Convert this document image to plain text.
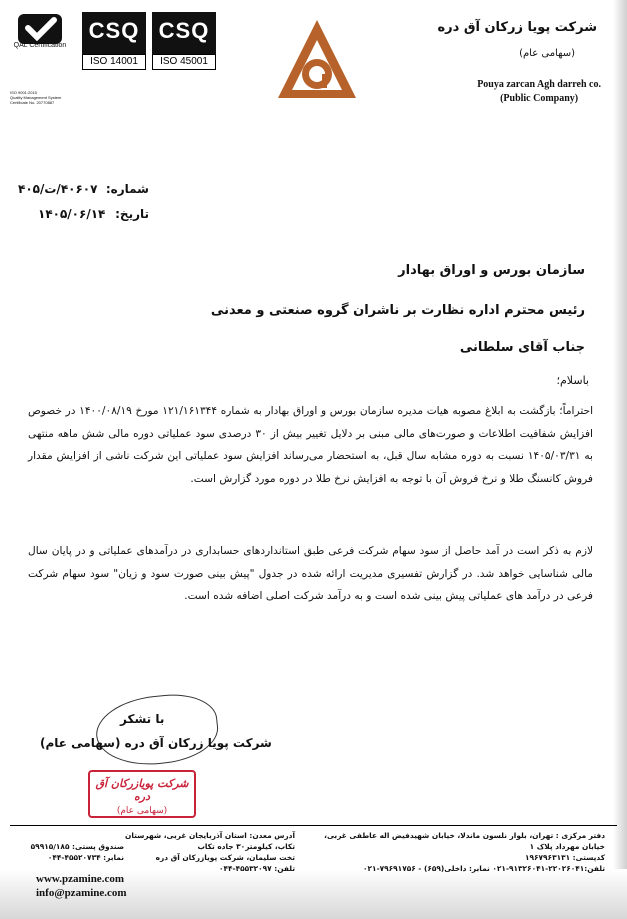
QAL Certification
ISO 9001:2015
Quality Management System
Certificate No. 20770887
CSQ
ISO 14001
CSQ
ISO 45001
شرکت پویا زرکان آق دره
(سهامی عام)
Pouya zarcan Agh darreh co.
(Public Company)
شماره:
۴۰۶۰۷/ت/۴۰۵
تاریخ:
۱۴۰۵/۰۶/۱۴
سازمان بورس و اوراق بهادار
رئیس محترم اداره نظارت بر ناشران گروه صنعتی و معدنی
جناب آقای سلطانی
باسلام؛
احتراماً؛ بازگشت به ابلاغ مصوبه هیات مدیره سازمان بورس و اوراق بهادار به شماره ۱۲۱/۱۶۱۳۴۴ مورخ ۱۴۰۰/۰۸/۱۹ در خصوص افزایش شفافیت اطلاعات و صورت‌های مالی مبنی بر دلایل تغییر بیش از ۳۰ درصدی سود عملیاتی دوره مالی شش ماهه منتهی به ۱۴۰۵/۰۳/۳۱ نسبت به دوره مشابه سال قبل، به استحضار می‌رساند افزایش سود عملیاتی این شرکت ناشی از افزایش مقدار فروش کانسنگ طلا و نرخ فروش آن با توجه به افزایش نرخ طلا در دوره مورد گزارش است.
لازم به ذکر است در آمد حاصل از سود سهام شرکت فرعی طبق استانداردهای حسابداری در درآمدهای عملیاتی و در پایان سال مالی شناسایی خواهد شد. در گزارش تفسیری مدیریت ارائه شده در جدول "پیش بینی صورت سود و زیان" سود سهام شرکت فرعی در درآمد های عملیاتی پیش بینی شده است و به درآمد شرکت اصلی اضافه شده است.
با تشکر
شرکت پویا زرکان آق دره (سهامی عام)
شرکت پویازرکان آق دره
(سهامی عام)
دفتر مرکزی : تهران، بلوار نلسون ماندلا، خیابان شهیدفیض اله عاطفی غربی، خیابان مهرداد پلاک ۱
کدپستی: ۱۹۶۷۹۶۳۱۳۱
تلفن:۲۲۰۲۶۰۴۱-۹۱۳۲۶۰۴۱-۰۲۱ نمابر: داخلی(۶۵۹) - ۷۹۶۹۱۷۵۶-۰۲۱
آدرس معدن: استان آذربایجان غربی، شهرستان تکاب، کیلومتر۳۰ جاده تکاب
تخت سلیمان، شرکت پویازرکان آق دره
تلفن: ۴۵۵۳۲۰۹۷-۰۴۴
صندوق پستی: ۵۹۹۱۵/۱۸۵
نمابر: ۴۵۵۲۰۷۳۴-۰۴۴
www.pzamine.com
info@pzamine.com
